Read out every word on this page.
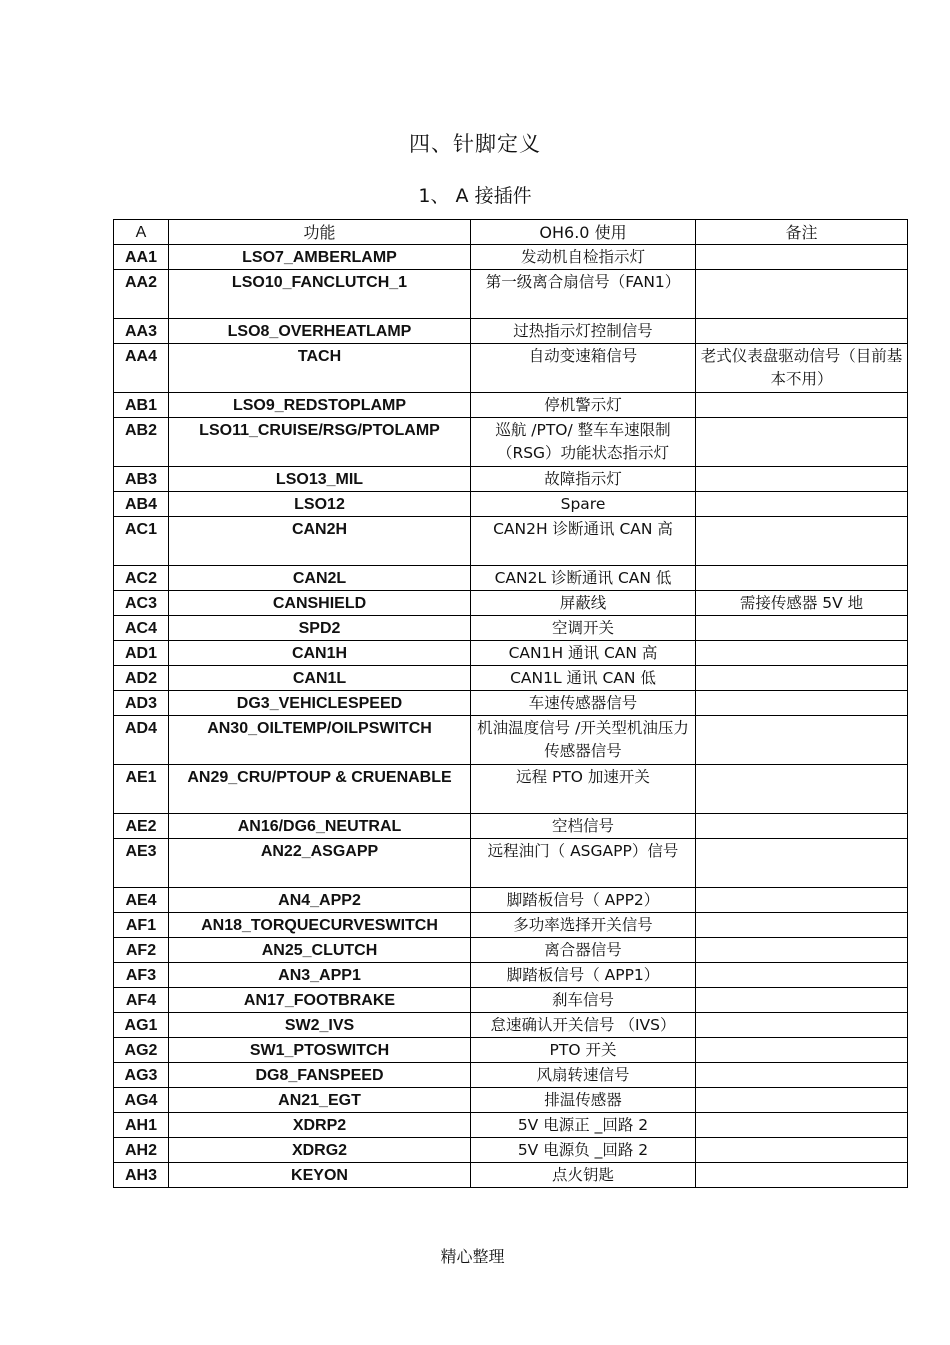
四、针脚定义
1、 A 接插件
A	功能	OH6.0 使用	备注
AA1	LSO7_AMBERLAMP	发动机自检指示灯	
AA2	LSO10_FANCLUTCH_1	第一级离合扇信号（FAN1）	
AA3	LSO8_OVERHEATLAMP	过热指示灯控制信号	
AA4	TACH	自动变速箱信号	老式仪表盘驱动信号（目前基本不用）
AB1	LSO9_REDSTOPLAMP	停机警示灯	
AB2	LSO11_CRUISE/RSG/PTOLAMP	巡航 /PTO/ 整车车速限制（RSG）功能状态指示灯	
AB3	LSO13_MIL	故障指示灯	
AB4	LSO12	Spare	
AC1	CAN2H	CAN2H 诊断通讯 CAN 高	
AC2	CAN2L	CAN2L 诊断通讯 CAN 低	
AC3	CANSHIELD	屏蔽线	需接传感器 5V 地
AC4	SPD2	空调开关	
AD1	CAN1H	CAN1H 通讯 CAN 高	
AD2	CAN1L	CAN1L 通讯 CAN 低	
AD3	DG3_VEHICLESPEED	车速传感器信号	
AD4	AN30_OILTEMP/OILPSWITCH	机油温度信号 /开关型机油压力传感器信号	
AE1	AN29_CRU/PTOUP & CRUENABLE	远程 PTO 加速开关	
AE2	AN16/DG6_NEUTRAL	空档信号	
AE3	AN22_ASGAPP	远程油门（ ASGAPP）信号	
AE4	AN4_APP2	脚踏板信号（ APP2）	
AF1	AN18_TORQUECURVESWITCH	多功率选择开关信号	
AF2	AN25_CLUTCH	离合器信号	
AF3	AN3_APP1	脚踏板信号（ APP1）	
AF4	AN17_FOOTBRAKE	刹车信号	
AG1	SW2_IVS	怠速确认开关信号 （IVS）	
AG2	SW1_PTOSWITCH	PTO 开关	
AG3	DG8_FANSPEED	风扇转速信号	
AG4	AN21_EGT	排温传感器	
AH1	XDRP2	5V 电源正 _回路 2	
AH2	XDRG2	5V 电源负 _回路 2	
AH3	KEYON	点火钥匙	
精心整理
